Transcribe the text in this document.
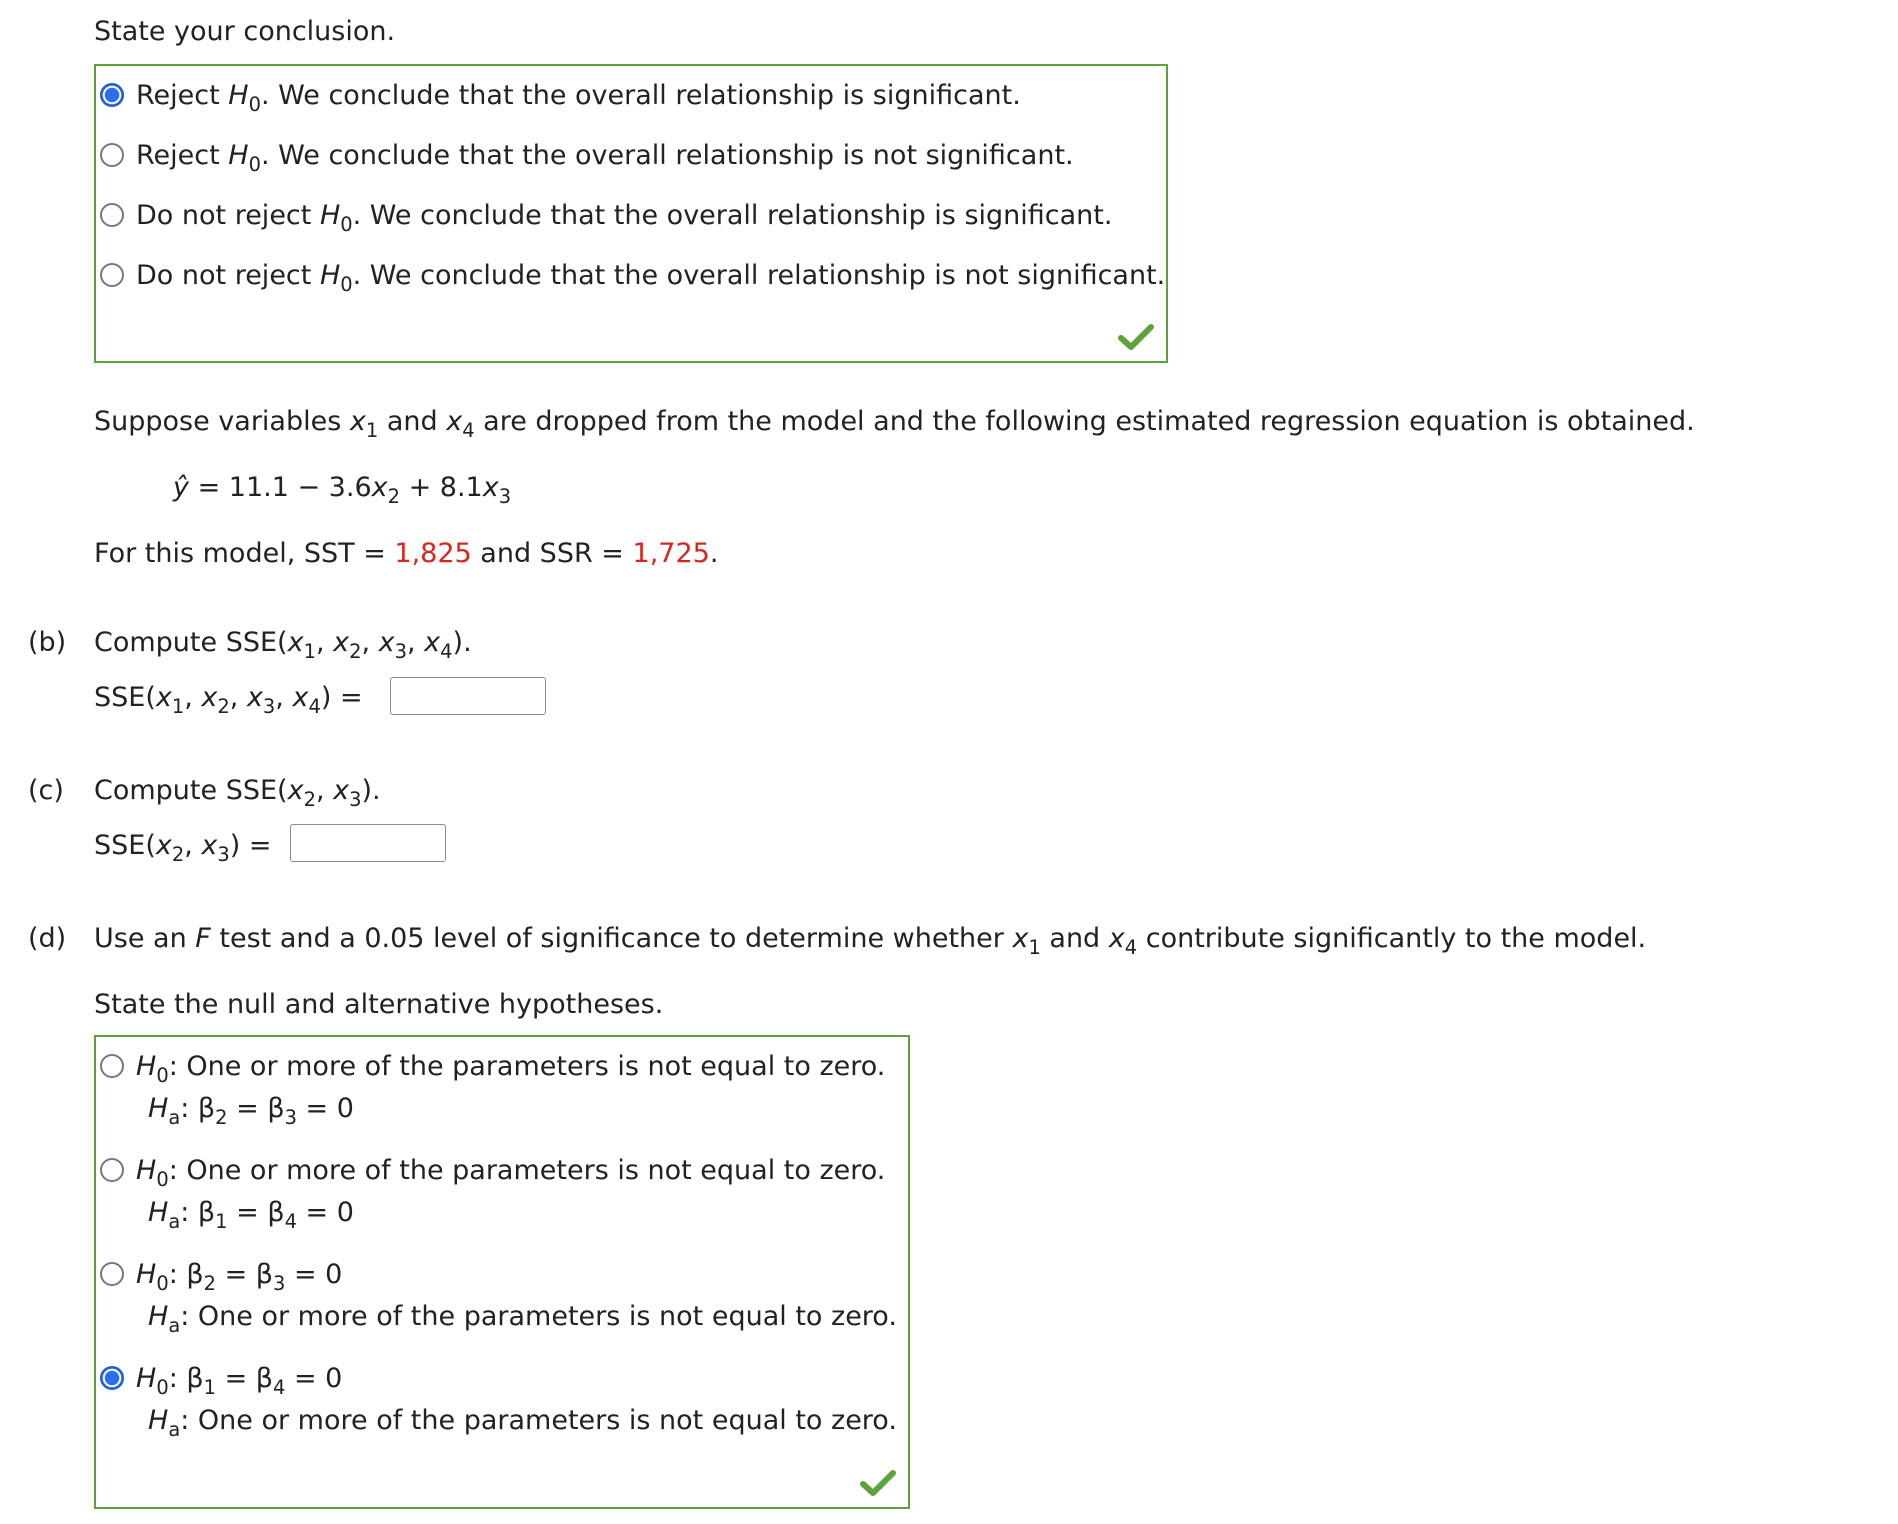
State your conclusion.
Reject $H_0$. We conclude that the overall relationship is significant.
Reject $H_0$. We conclude that the overall relationship is not significant.
Do not reject $H_0$. We conclude that the overall relationship is significant.
Do not reject $H_0$. We conclude that the overall relationship is not significant.
Suppose variables $x_1$ and $x_4$ are dropped from the model and the following estimated regression equation is obtained.
ŷ = $11.1 - 3.6x_2 + 8.1x_3$
For this model, SST = 1,825 and SSR = 1,725.
(b) Compute $SSE(x_1$, $x_2$, $x_3$, $x_4$).
$SSE(x_1$, $x_2$, $x_3$, $x_4$) =
(c) Compute $SSE(x_2$, $x_3$).
$SSE(x_2$, $x_3$) =
(d) Use an F test and a 0.05 level of significance to determine whether $x_1$ and $x_4$ contribute significantly to the model.
State the null and alternative hypotheses.
$H_0$: One or more of the parameters is not equal to zero.
$H_a$: $\beta_2 = \beta_3 = 0$
$H_0$: One or more of the parameters is not equal to zero.
$H_a$: $\beta_1 = \beta_4 = 0$
$H_0$: $\beta_2 = \beta_3 = 0$
$H_a$: One or more of the parameters is not equal to zero.
$H_0$: $\beta_1 = \beta_4 = 0$
$H_a$: One or more of the parameters is not equal to zero.
